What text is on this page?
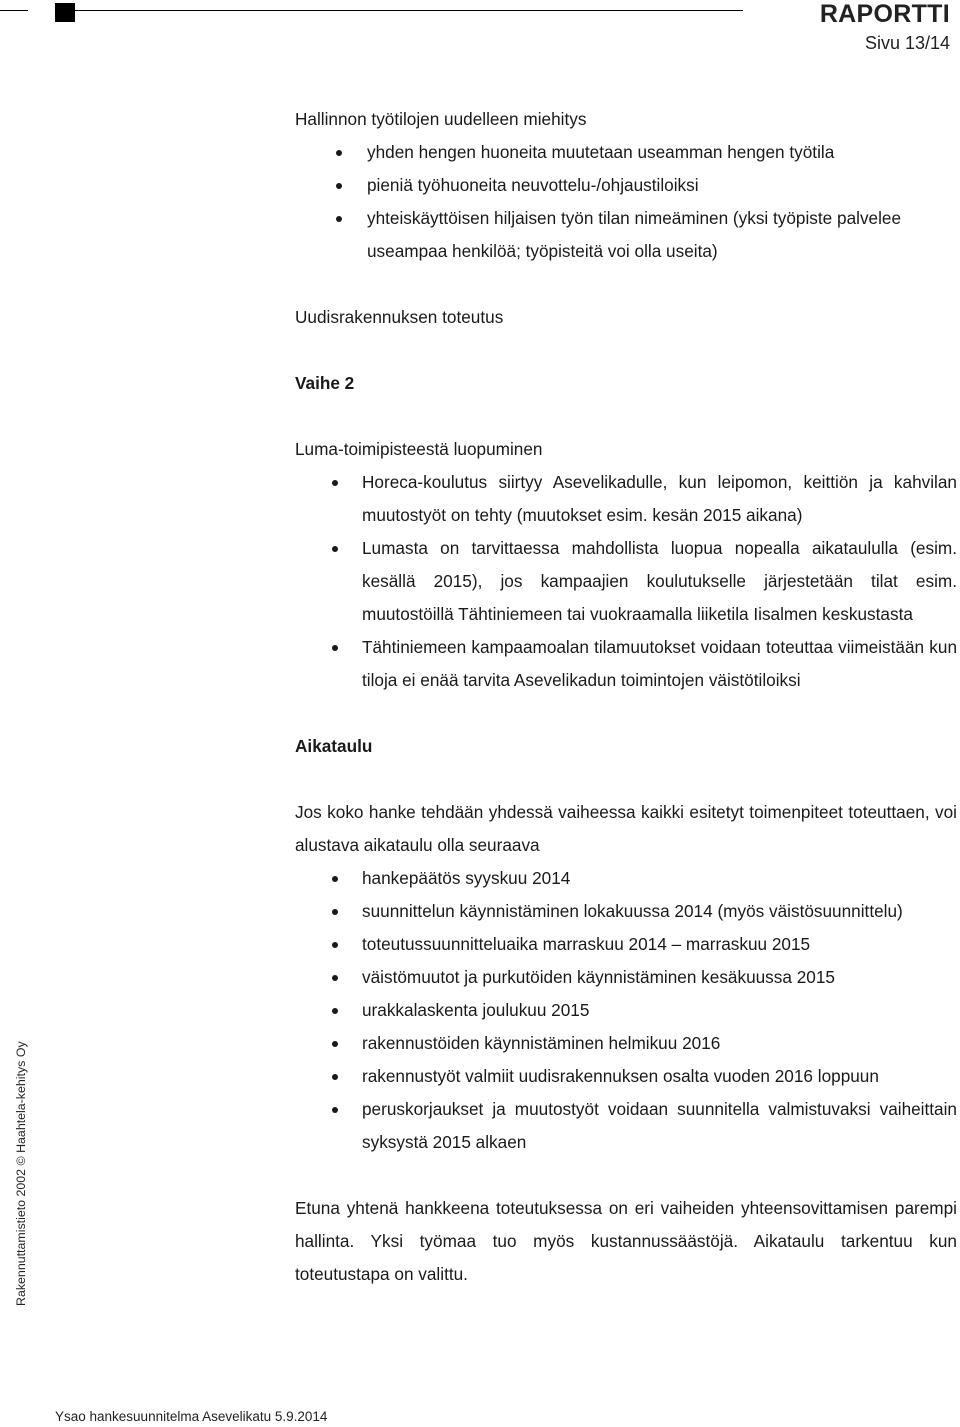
RAPORTTI
Sivu 13/14

Hallinnon työtilojen uudelleen miehitys

yhden hengen huoneita muutetaan useamman hengen työtila
pieniä työhuoneita neuvottelu-/ohjaustiloiksi
yhteiskäyttöisen hiljaisen työn tilan nimeäminen (yksi työpiste palvelee useampaa henkilöä; työpisteitä voi olla useita)

Uudisrakennuksen toteutus

Vaihe 2

Luma-toimipisteestä luopuminen

Horeca-koulutus siirtyy Asevelikadulle, kun leipomon, keittiön ja kahvilan muutostyöt on tehty (muutokset esim. kesän 2015 aikana)
Lumasta on tarvittaessa mahdollista luopua nopealla aikataululla (esim. kesällä 2015), jos kampaajien koulutukselle järjestetään tilat esim. muutostöillä Tähtiniemeen tai vuokraamalla liiketila Iisalmen keskustasta
Tähtiniemeen kampaamoalan tilamuutokset voidaan toteuttaa viimeistään kun tiloja ei enää tarvita Asevelikadun toimintojen väistötiloiksi

Aikataulu

Jos koko hanke tehdään yhdessä vaiheessa kaikki esitetyt toimenpiteet toteuttaen, voi alustava aikataulu olla seuraava

hankepäätös syyskuu 2014
suunnittelun käynnistäminen lokakuussa 2014 (myös väistösuunnittelu)
toteutussuunnitteluaika marraskuu 2014 – marraskuu 2015
väistömuutot ja purkutöiden käynnistäminen kesäkuussa 2015
urakkalaskenta joulukuu 2015
rakennustöiden käynnistäminen helmikuu 2016
rakennustyöt valmiit uudisrakennuksen osalta vuoden 2016 loppuun
peruskorjaukset ja muutostyöt voidaan suunnitella valmistuvaksi vaiheittain syksystä 2015 alkaen

Etuna yhtenä hankkeena toteutuksessa on eri vaiheiden yhteensovittamisen parempi hallinta. Yksi työmaa tuo myös kustannussäästöjä. Aikataulu tarkentuu kun toteutustapa on valittu.

Rakennuttamistieto 2002 © Haahtela-kehitys Oy
Ysao hankesuunnitelma Asevelikatu 5.9.2014
